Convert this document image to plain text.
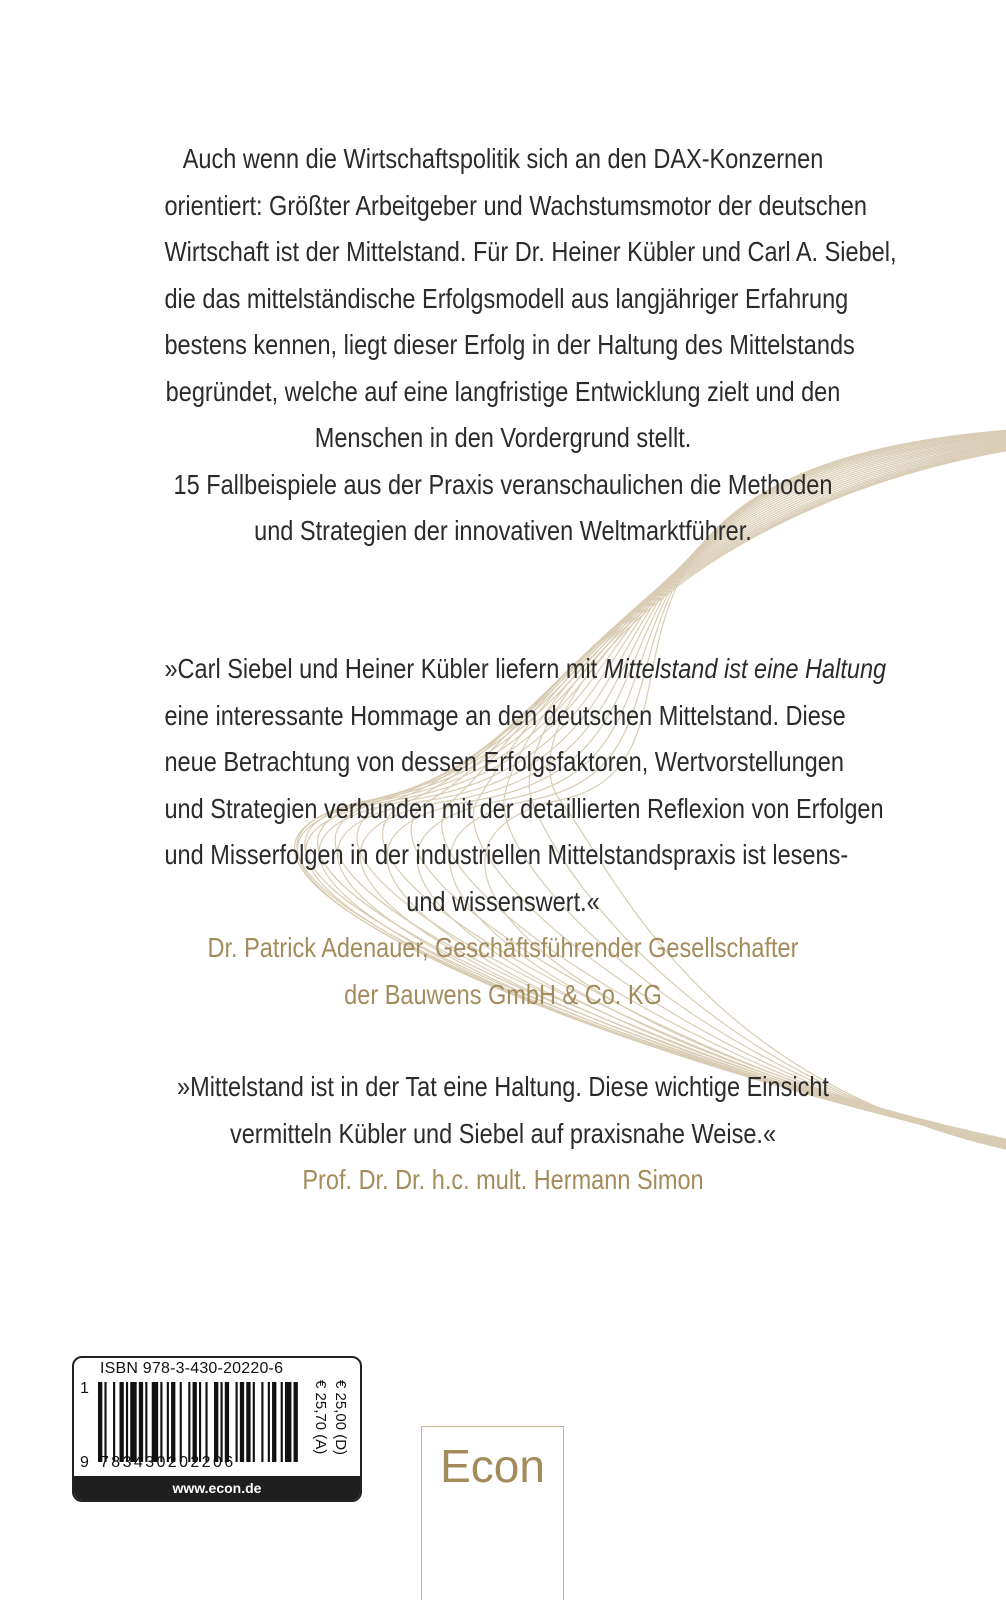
Auch wenn die Wirtschaftspolitik sich an den DAX-Konzernen
orientiert: Größter Arbeitgeber und Wachstumsmotor der deutschen
Wirtschaft ist der Mittelstand. Für Dr. Heiner Kübler und Carl A. Siebel,
die das mittelständische Erfolgsmodell aus langjähriger Erfahrung
bestens kennen, liegt dieser Erfolg in der Haltung des Mittelstands
begründet, welche auf eine langfristige Entwicklung zielt und den
Menschen in den Vordergrund stellt.
15 Fallbeispiele aus der Praxis veranschaulichen die Methoden
und Strategien der innovativen Weltmarktführer.
»Carl Siebel und Heiner Kübler liefern mit Mittelstand ist eine Haltung
eine interessante Hommage an den deutschen Mittelstand. Diese
neue Betrachtung von dessen Erfolgsfaktoren, Wertvorstellungen
und Strategien verbunden mit der detaillierten Reflexion von Erfolgen
und Misserfolgen in der industriellen Mittelstandspraxis ist lesens-
und wissenswert.«
Dr. Patrick Adenauer, Geschäftsführender Gesellschafter
der Bauwens GmbH & Co. KG
»Mittelstand ist in der Tat eine Haltung. Diese wichtige Einsicht
vermitteln Kübler und Siebel auf praxisnahe Weise.«
Prof. Dr. Dr. h.c. mult. Hermann Simon
ISBN 978-3-430-20220-6
1
9 783430202206
€ 25,00 (D)
€ 25,70 (A)
www.econ.de	Econ
